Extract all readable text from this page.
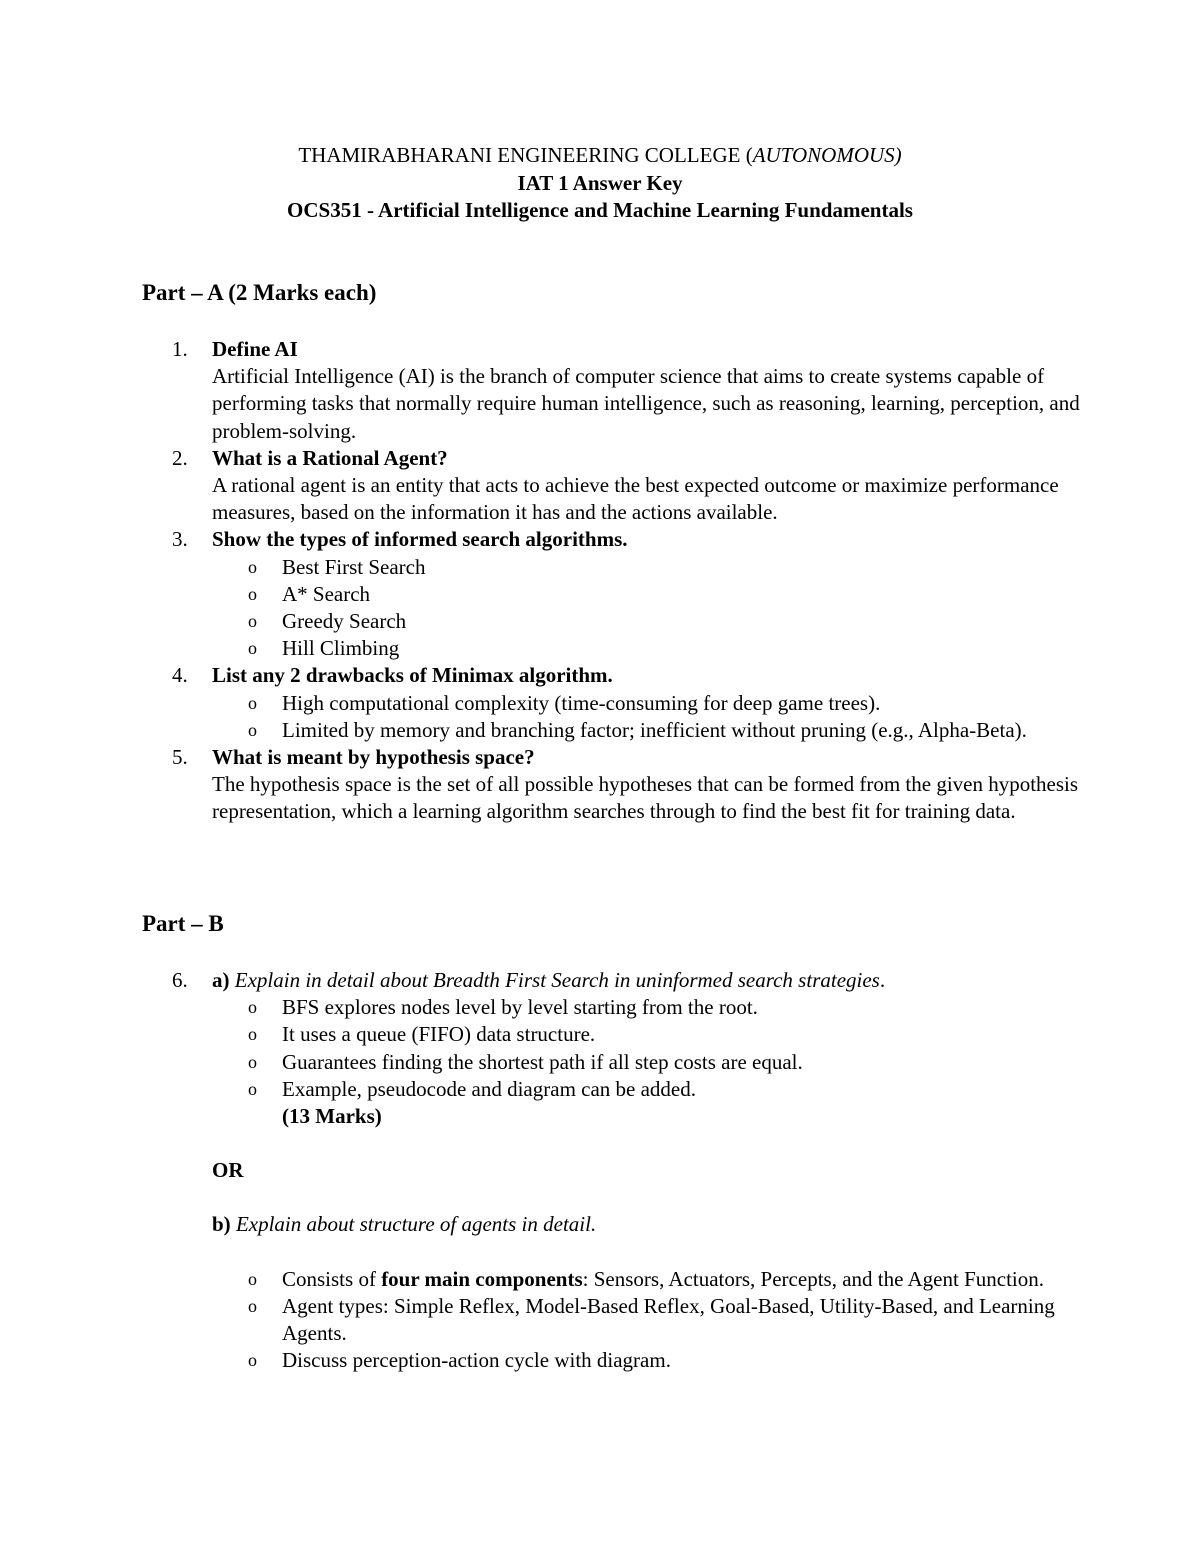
THAMIRABHARANI ENGINEERING COLLEGE (AUTONOMOUS)
IAT 1 Answer Key
OCS351 - Artificial Intelligence and Machine Learning Fundamentals
Part – A (2 Marks each)
1. Define AI
Artificial Intelligence (AI) is the branch of computer science that aims to create systems capable of performing tasks that normally require human intelligence, such as reasoning, learning, perception, and problem-solving.
2. What is a Rational Agent?
A rational agent is an entity that acts to achieve the best expected outcome or maximize performance measures, based on the information it has and the actions available.
3. Show the types of informed search algorithms.
o Best First Search
o A* Search
o Greedy Search
o Hill Climbing
4. List any 2 drawbacks of Minimax algorithm.
o High computational complexity (time-consuming for deep game trees).
o Limited by memory and branching factor; inefficient without pruning (e.g., Alpha-Beta).
5. What is meant by hypothesis space?
The hypothesis space is the set of all possible hypotheses that can be formed from the given hypothesis representation, which a learning algorithm searches through to find the best fit for training data.
Part – B
6. a) Explain in detail about Breadth First Search in uninformed search strategies.
o BFS explores nodes level by level starting from the root.
o It uses a queue (FIFO) data structure.
o Guarantees finding the shortest path if all step costs are equal.
o Example, pseudocode and diagram can be added.
(13 Marks)
OR
b) Explain about structure of agents in detail.
o Consists of four main components: Sensors, Actuators, Percepts, and the Agent Function.
o Agent types: Simple Reflex, Model-Based Reflex, Goal-Based, Utility-Based, and Learning Agents.
o Discuss perception-action cycle with diagram.
